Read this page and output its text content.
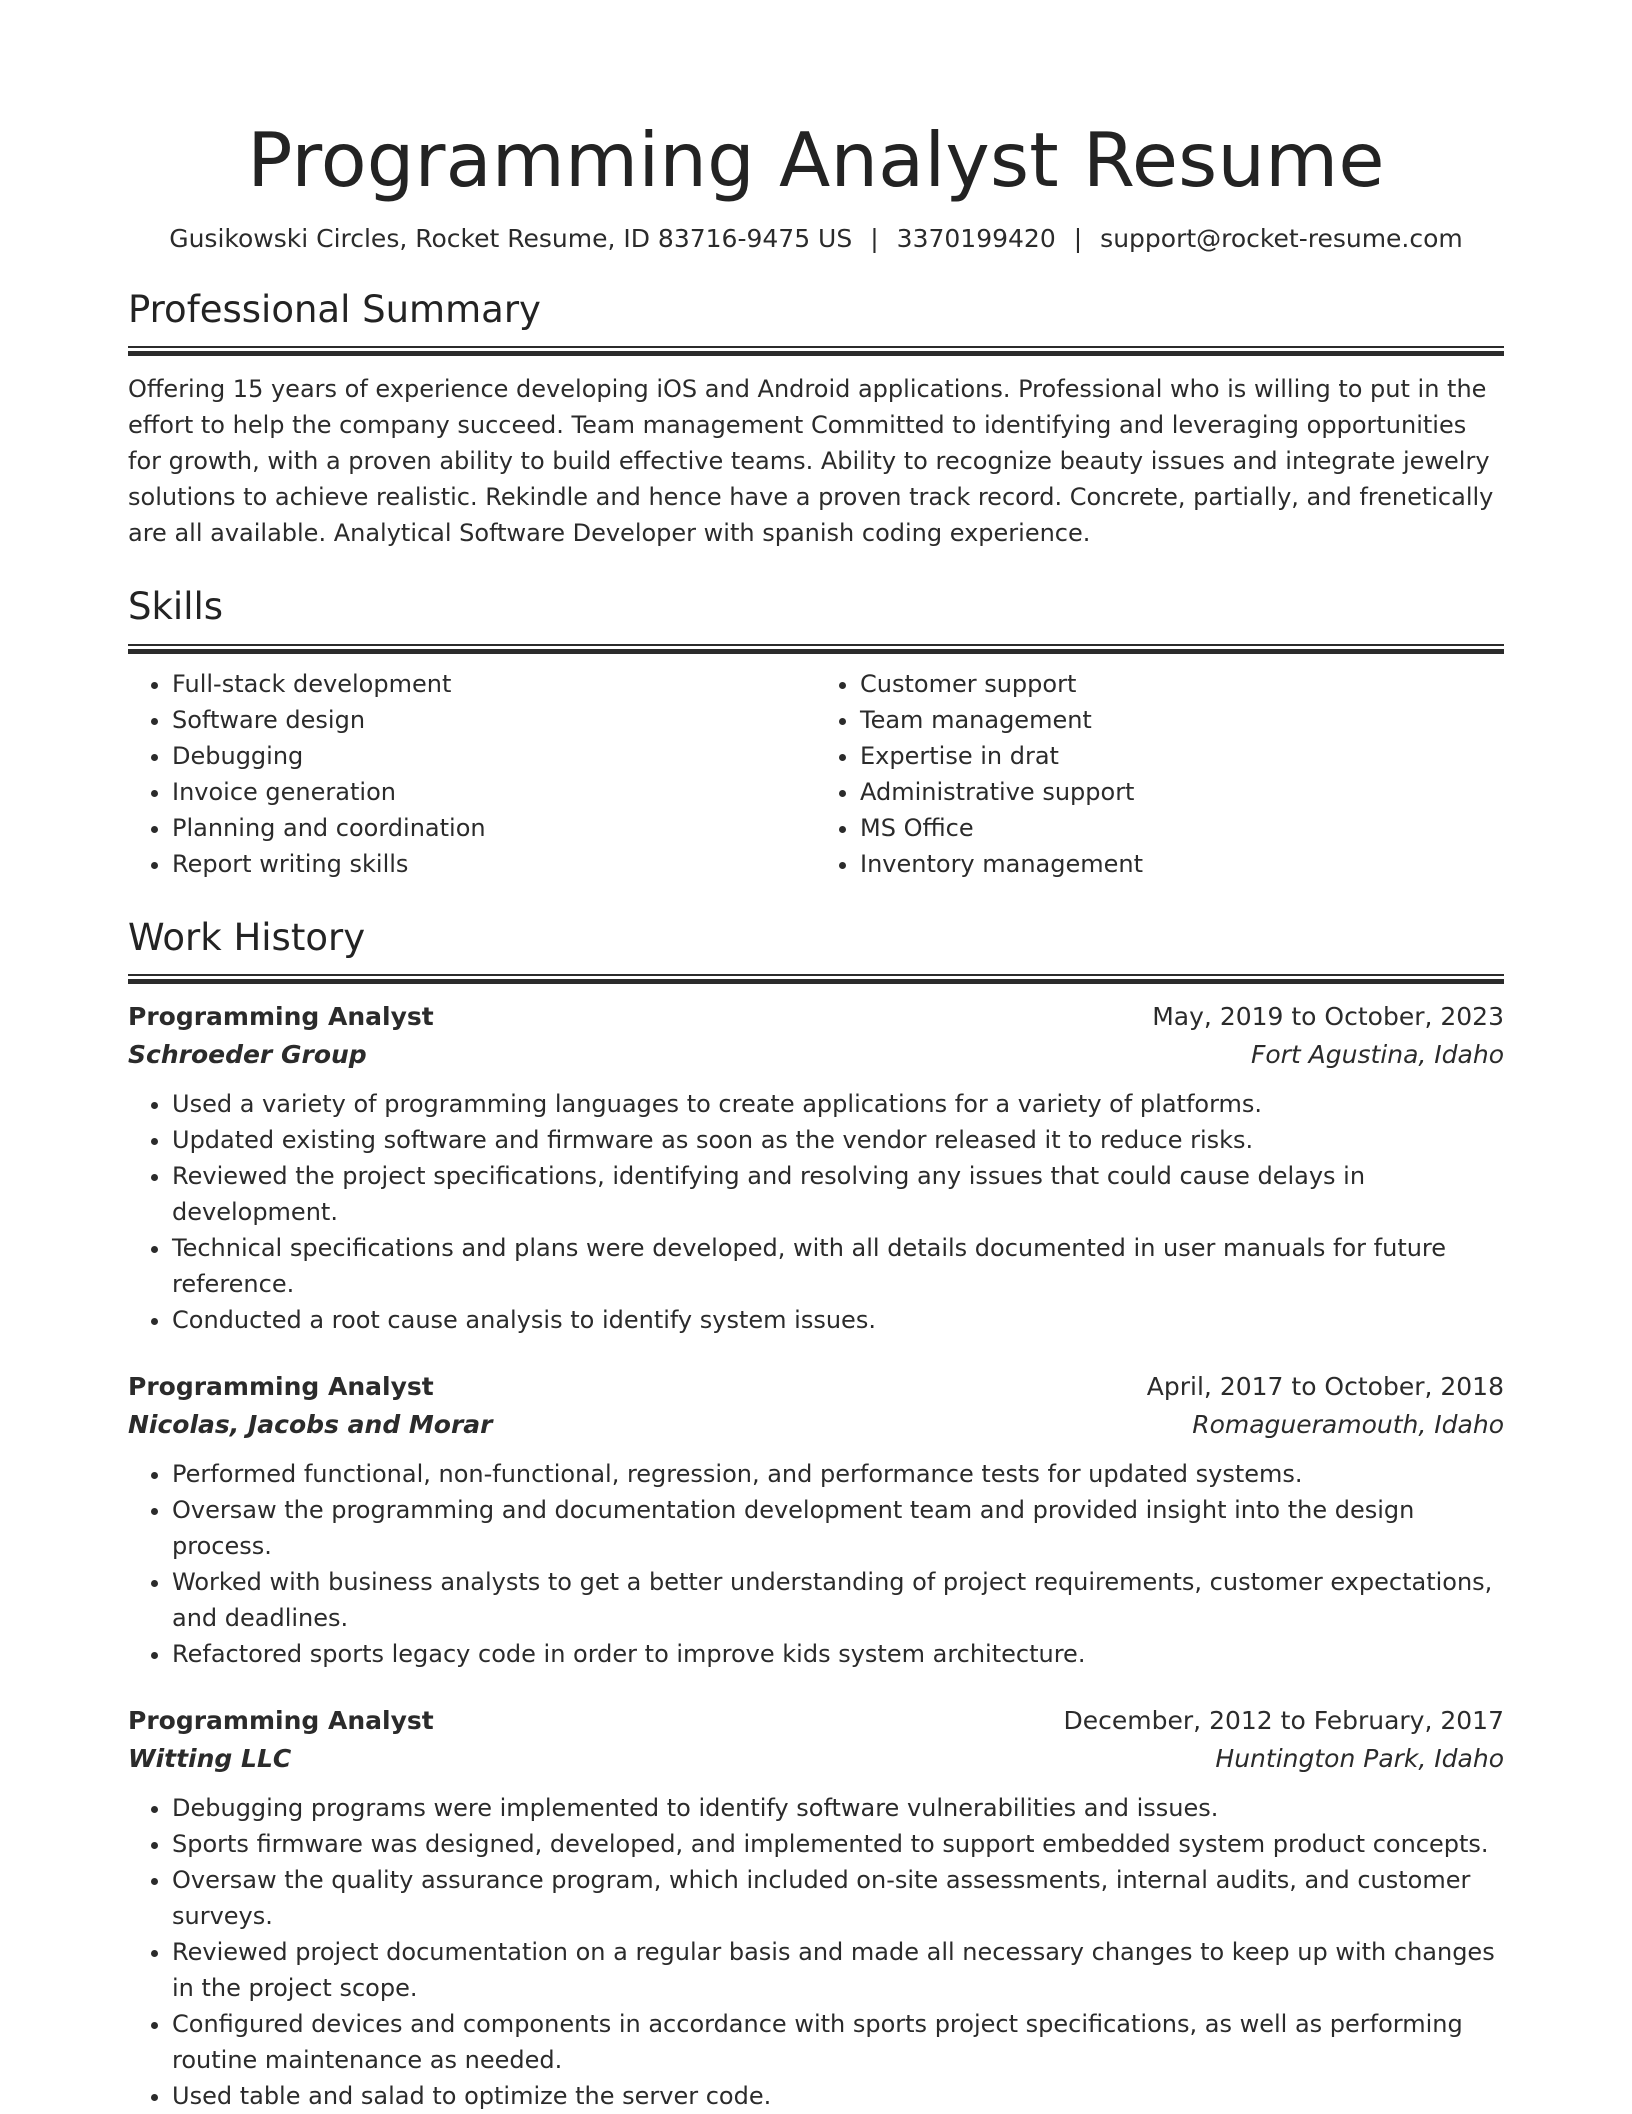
Programming Analyst Resume
Gusikowski Circles, Rocket Resume, ID 83716-9475 US | 3370199420 | support@rocket-resume.com
Professional Summary
Offering 15 years of experience developing iOS and Android applications. Professional who is willing to put in the effort to help the company succeed. Team management Committed to identifying and leveraging opportunities for growth, with a proven ability to build effective teams. Ability to recognize beauty issues and integrate jewelry solutions to achieve realistic. Rekindle and hence have a proven track record. Concrete, partially, and frenetically are all available. Analytical Software Developer with spanish coding experience.
Skills
• Full-stack development
• Software design
• Debugging
• Invoice generation
• Planning and coordination
• Report writing skills
• Customer support
• Team management
• Expertise in drat
• Administrative support
• MS Office
• Inventory management
Work History
Programming Analyst	May, 2019 to October, 2023
Schroeder Group	Fort Agustina, Idaho
• Used a variety of programming languages to create applications for a variety of platforms.
• Updated existing software and firmware as soon as the vendor released it to reduce risks.
• Reviewed the project specifications, identifying and resolving any issues that could cause delays in development.
• Technical specifications and plans were developed, with all details documented in user manuals for future reference.
• Conducted a root cause analysis to identify system issues.
Programming Analyst	April, 2017 to October, 2018
Nicolas, Jacobs and Morar	Romagueramouth, Idaho
• Performed functional, non-functional, regression, and performance tests for updated systems.
• Oversaw the programming and documentation development team and provided insight into the design process.
• Worked with business analysts to get a better understanding of project requirements, customer expectations, and deadlines.
• Refactored sports legacy code in order to improve kids system architecture.
Programming Analyst	December, 2012 to February, 2017
Witting LLC	Huntington Park, Idaho
• Debugging programs were implemented to identify software vulnerabilities and issues.
• Sports firmware was designed, developed, and implemented to support embedded system product concepts.
• Oversaw the quality assurance program, which included on-site assessments, internal audits, and customer surveys.
• Reviewed project documentation on a regular basis and made all necessary changes to keep up with changes in the project scope.
• Configured devices and components in accordance with sports project specifications, as well as performing routine maintenance as needed.
• Used table and salad to optimize the server code.
